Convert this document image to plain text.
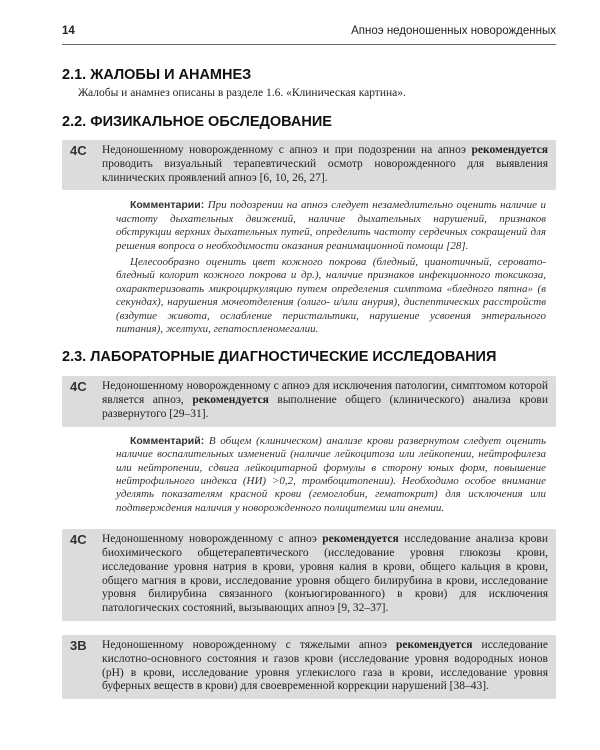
14	Апноэ недоношенных новорожденных
2.1. ЖАЛОБЫ И АНАМНЕЗ

Жалобы и анамнез описаны в разделе 1.6. «Клиническая картина».

2.2. ФИЗИКАЛЬНОЕ ОБСЛЕДОВАНИЕ
4С Недоношенному новорожденному с апноэ и при подозрении на апноэ рекомендуется проводить визуальный терапевтический осмотр новорожденного для выявления клинических проявлений апноэ [6, 10, 26, 27].

Комментарии: При подозрении на апноэ следует незамедлительно оценить наличие и частоту дыхательных движений, наличие дыхательных нарушений, признаков обструкции верхних дыхательных путей, определить частоту сердечных сокращений для решения вопроса о необходимости оказания реанимационной помощи [28].

Целесообразно оценить цвет кожного покрова (бледный, цианотичный, серовато-бледный колорит кожного покрова и др.), наличие признаков инфекционного токсикоза, охарактеризовать микроциркуляцию путем определения симптома «бледного пятна» (в секундах), нарушения мочеотделения (олиго- и/или анурия), диспептических расстройств (вздутие живота, ослабление перистальтики, нарушение усвоения энтерального питания), желтухи, гепатоспленомегалии.

2.3. ЛАБОРАТОРНЫЕ ДИАГНОСТИЧЕСКИЕ ИССЛЕДОВАНИЯ
4С Недоношенному новорожденному с апноэ для исключения патологии, симптомом которой является апноэ, рекомендуется выполнение общего (клинического) анализа крови развернутого [29–31].

Комментарий: В общем (клиническом) анализе крови развернутом следует оценить наличие воспалительных изменений (наличие лейкоцитоза или лейкопении, нейтрофилеза или нейтропении, сдвига лейкоцитарной формулы в сторону юных форм, повышение нейтрофильного индекса (НИ) >0,2, тромбоцитопении). Необходимо особое внимание уделять показателям красной крови (гемоглобин, гематокрит) для исключения или подтверждения наличия у новорожденного полицитемии или анемии.

4С Недоношенному новорожденному с апноэ рекомендуется исследование анализа крови биохимического общетерапевтического (исследование уровня глюкозы крови, исследование уровня натрия в крови, уровня калия в крови, общего кальция в крови, общего магния в крови, исследование уровня общего билирубина в крови, исследование уровня билирубина связанного (конъюгированного) в крови) для исключения патологических состояний, вызывающих апноэ [9, 32–37].
3В Недоношенному новорожденному с тяжелыми апноэ рекомендуется исследование кислотно-основного состояния и газов крови (исследование уровня водородных ионов (pH) в крови, исследование уровня углекислого газа в крови, исследование уровня буферных веществ в крови) для своевременной коррекции нарушений [38–43].
